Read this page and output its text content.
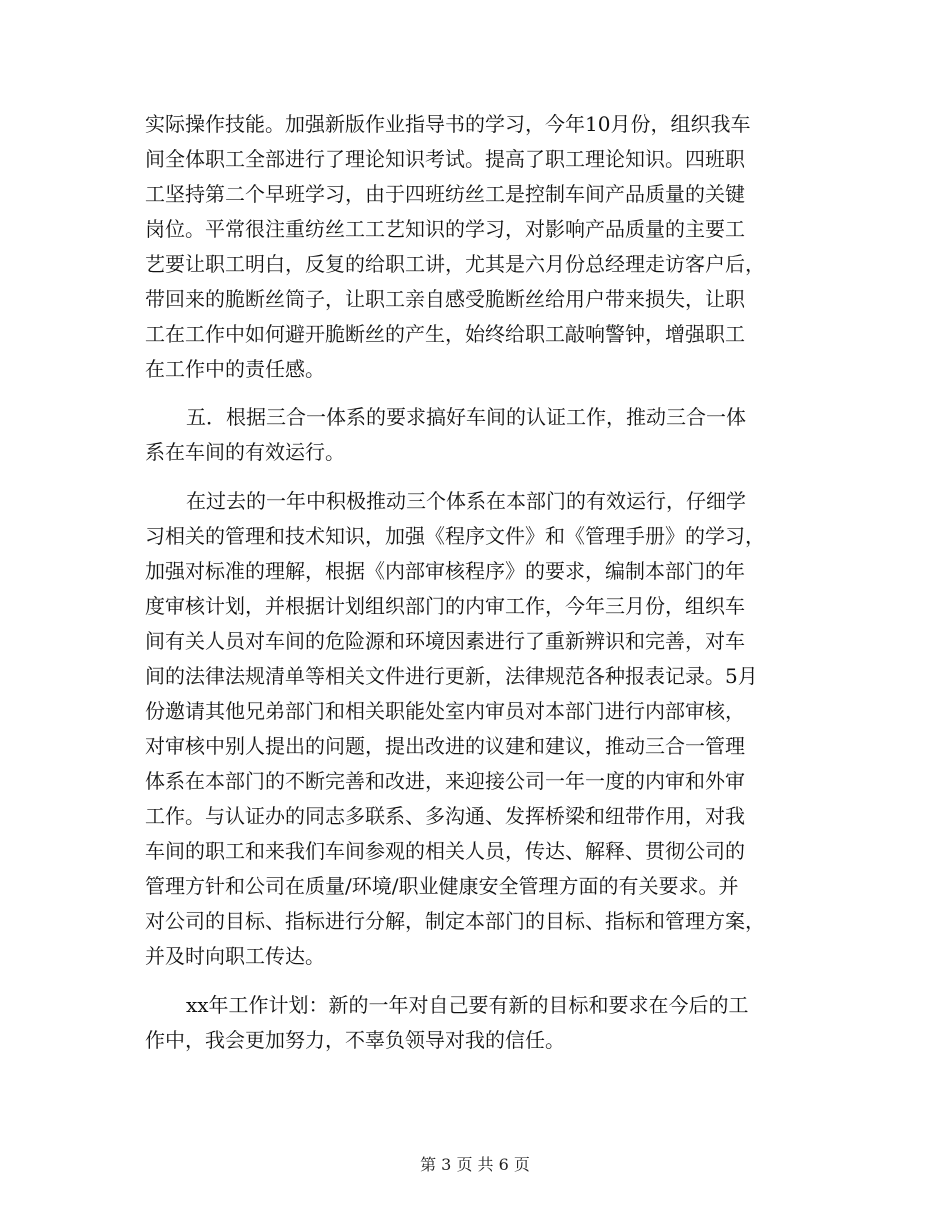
实际操作技能。加强新版作业指导书的学习，今年10月份，组织我车
间全体职工全部进行了理论知识考试。提高了职工理论知识。四班职
工坚持第二个早班学习，由于四班纺丝工是控制车间产品质量的关键
岗位。平常很注重纺丝工工艺知识的学习，对影响产品质量的主要工
艺要让职工明白，反复的给职工讲，尤其是六月份总经理走访客户后，
带回来的脆断丝筒子，让职工亲自感受脆断丝给用户带来损失，让职
工在工作中如何避开脆断丝的产生，始终给职工敲响警钟，增强职工
在工作中的责任感。
五．根据三合一体系的要求搞好车间的认证工作，推动三合一体
系在车间的有效运行。
在过去的一年中积极推动三个体系在本部门的有效运行，仔细学
习相关的管理和技术知识，加强《程序文件》和《管理手册》的学习，
加强对标准的理解，根据《内部审核程序》的要求，编制本部门的年
度审核计划，并根据计划组织部门的内审工作，今年三月份，组织车
间有关人员对车间的危险源和环境因素进行了重新辨识和完善，对车
间的法律法规清单等相关文件进行更新，法律规范各种报表记录。5月
份邀请其他兄弟部门和相关职能处室内审员对本部门进行内部审核，
对审核中别人提出的问题，提出改进的议建和建议，推动三合一管理
体系在本部门的不断完善和改进，来迎接公司一年一度的内审和外审
工作。与认证办的同志多联系、多沟通、发挥桥梁和纽带作用，对我
车间的职工和来我们车间参观的相关人员，传达、解释、贯彻公司的
管理方针和公司在质量/环境/职业健康安全管理方面的有关要求。并
对公司的目标、指标进行分解，制定本部门的目标、指标和管理方案，
并及时向职工传达。
xx年工作计划：新的一年对自己要有新的目标和要求在今后的工
作中，我会更加努力，不辜负领导对我的信任。
第 3 页 共 6 页
